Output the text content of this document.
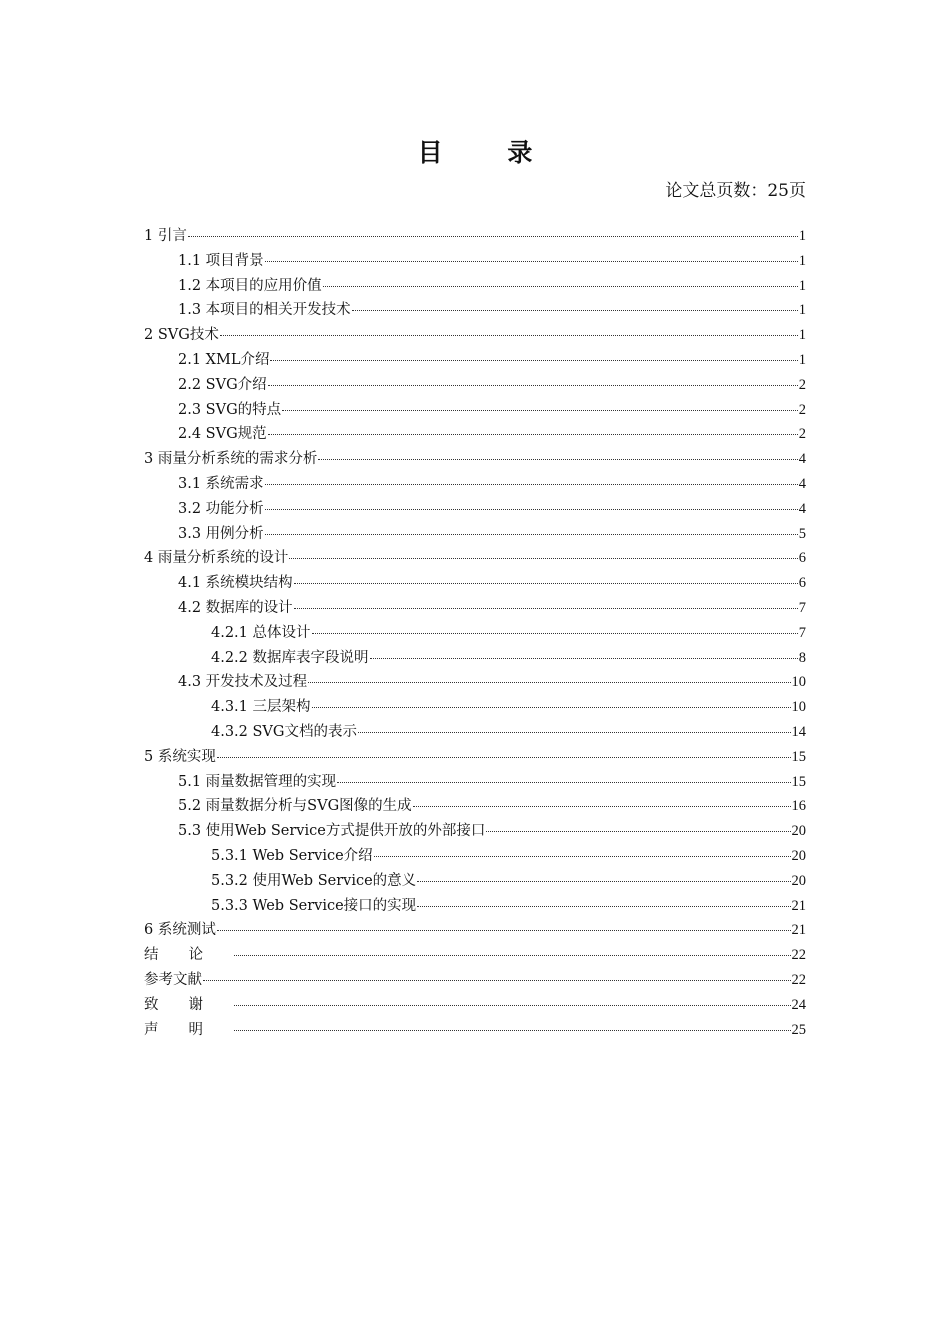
目 录
论文总页数：25页
1 引言	1
1.1 项目背景	1
1.2 本项目的应用价值	1
1.3 本项目的相关开发技术	1
2 SVG技术	1
2.1 XML介绍	1
2.2 SVG介绍	2
2.3 SVG的特点	2
2.4 SVG规范	2
3 雨量分析系统的需求分析	4
3.1 系统需求	4
3.2 功能分析	4
3.3 用例分析	5
4 雨量分析系统的设计	6
4.1 系统模块结构	6
4.2 数据库的设计	7
4.2.1 总体设计	7
4.2.2 数据库表字段说明	8
4.3 开发技术及过程	10
4.3.1 三层架构	10
4.3.2 SVG文档的表示	14
5 系统实现	15
5.1 雨量数据管理的实现	15
5.2 雨量数据分析与SVG图像的生成	16
5.3 使用Web Service方式提供开放的外部接口	20
5.3.1 Web Service介绍	20
5.3.2 使用Web Service的意义	20
5.3.3 Web Service接口的实现	21
6 系统测试	21
结论	22
参考文献	22
致谢	24
声明	25
